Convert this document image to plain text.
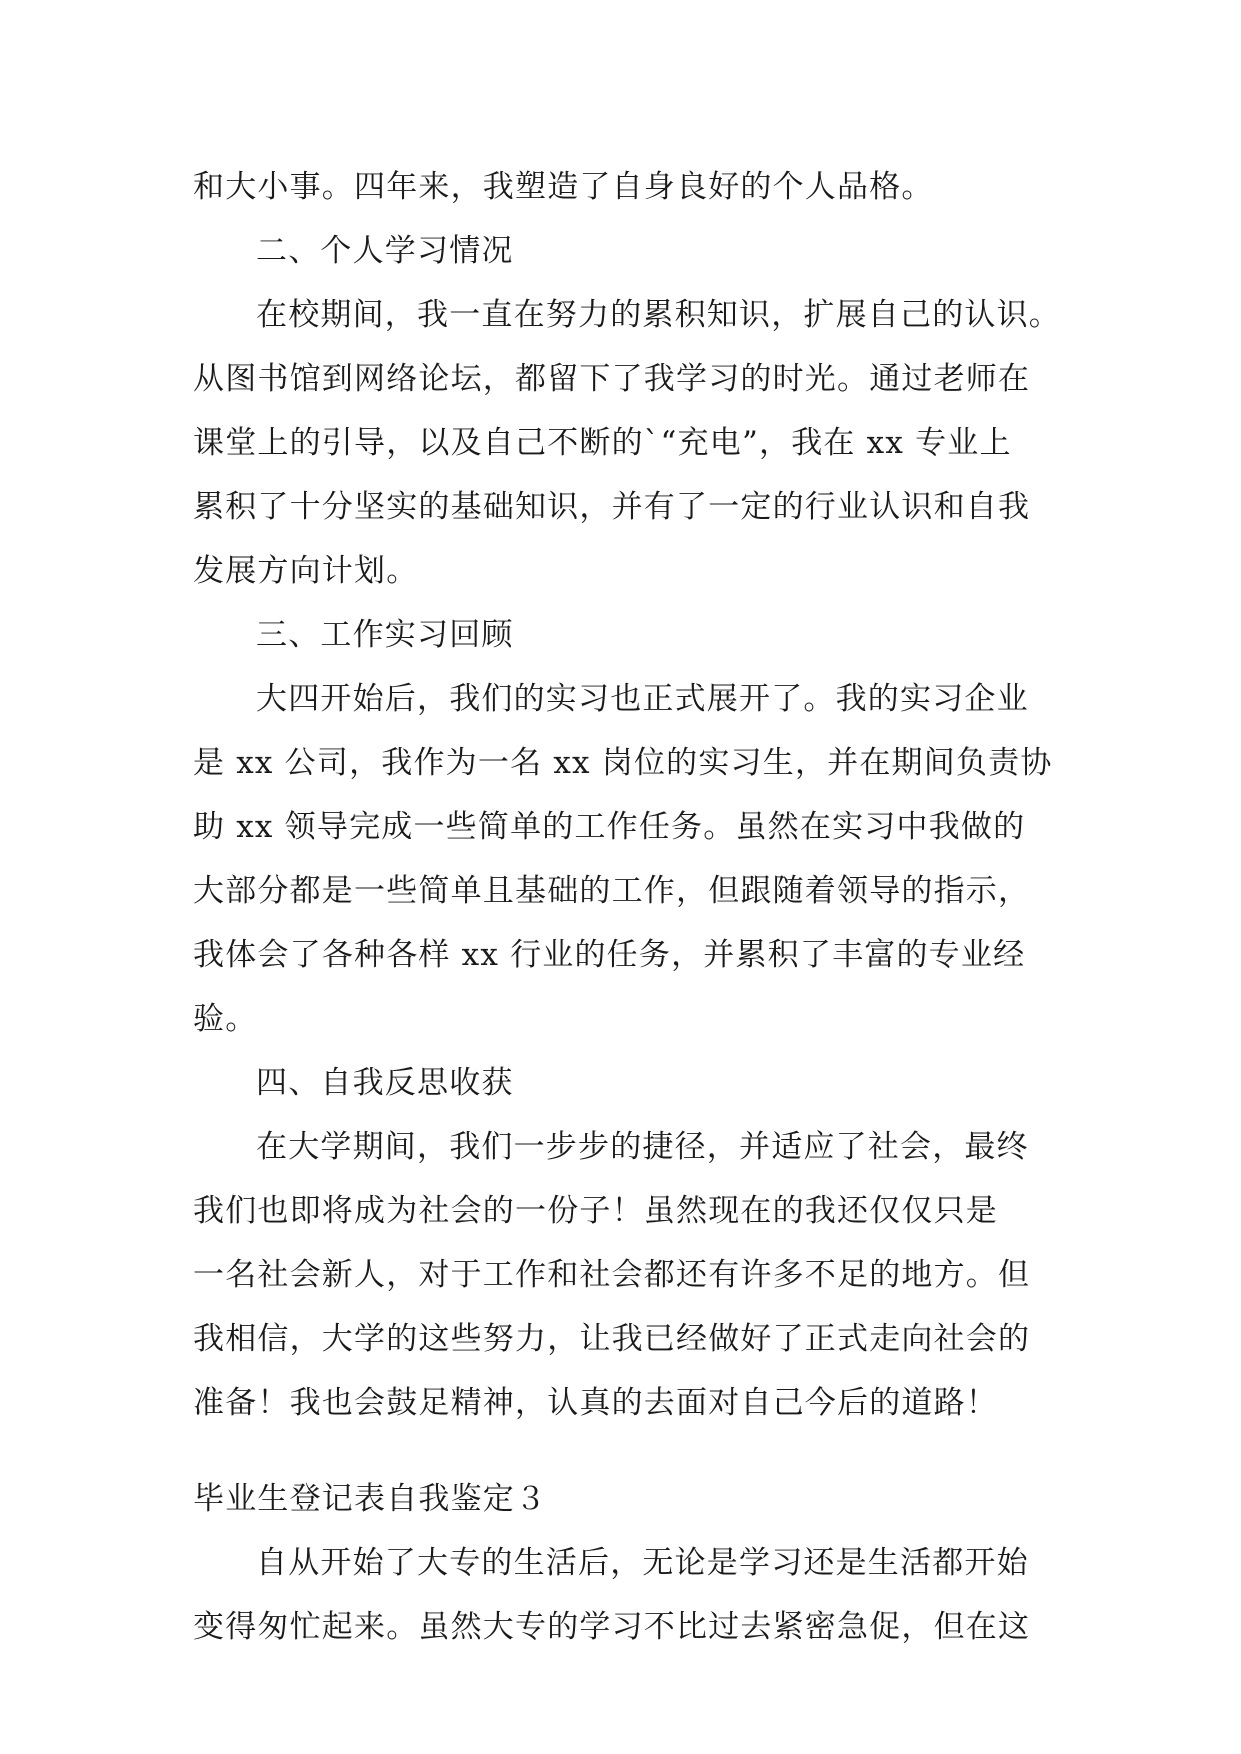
和大小事。四年来，我塑造了自身良好的个人品格。
二、个人学习情况
在校期间，我一直在努力的累积知识，扩展自己的认识。
从图书馆到网络论坛，都留下了我学习的时光。通过老师在
课堂上的引导，以及自己不断的`“充电”，我在 xx 专业上
累积了十分坚实的基础知识，并有了一定的行业认识和自我
发展方向计划。
三、工作实习回顾
大四开始后，我们的实习也正式展开了。我的实习企业
是 xx 公司，我作为一名 xx 岗位的实习生，并在期间负责协
助 xx 领导完成一些简单的工作任务。虽然在实习中我做的
大部分都是一些简单且基础的工作，但跟随着领导的指示，
我体会了各种各样 xx 行业的任务，并累积了丰富的专业经
验。
四、自我反思收获
在大学期间，我们一步步的捷径，并适应了社会，最终
我们也即将成为社会的一份子！虽然现在的我还仅仅只是
一名社会新人，对于工作和社会都还有许多不足的地方。但
我相信，大学的这些努力，让我已经做好了正式走向社会的
准备！我也会鼓足精神，认真的去面对自己今后的道路！
毕业生登记表自我鉴定３
自从开始了大专的生活后，无论是学习还是生活都开始
变得匆忙起来。虽然大专的学习不比过去紧密急促，但在这
